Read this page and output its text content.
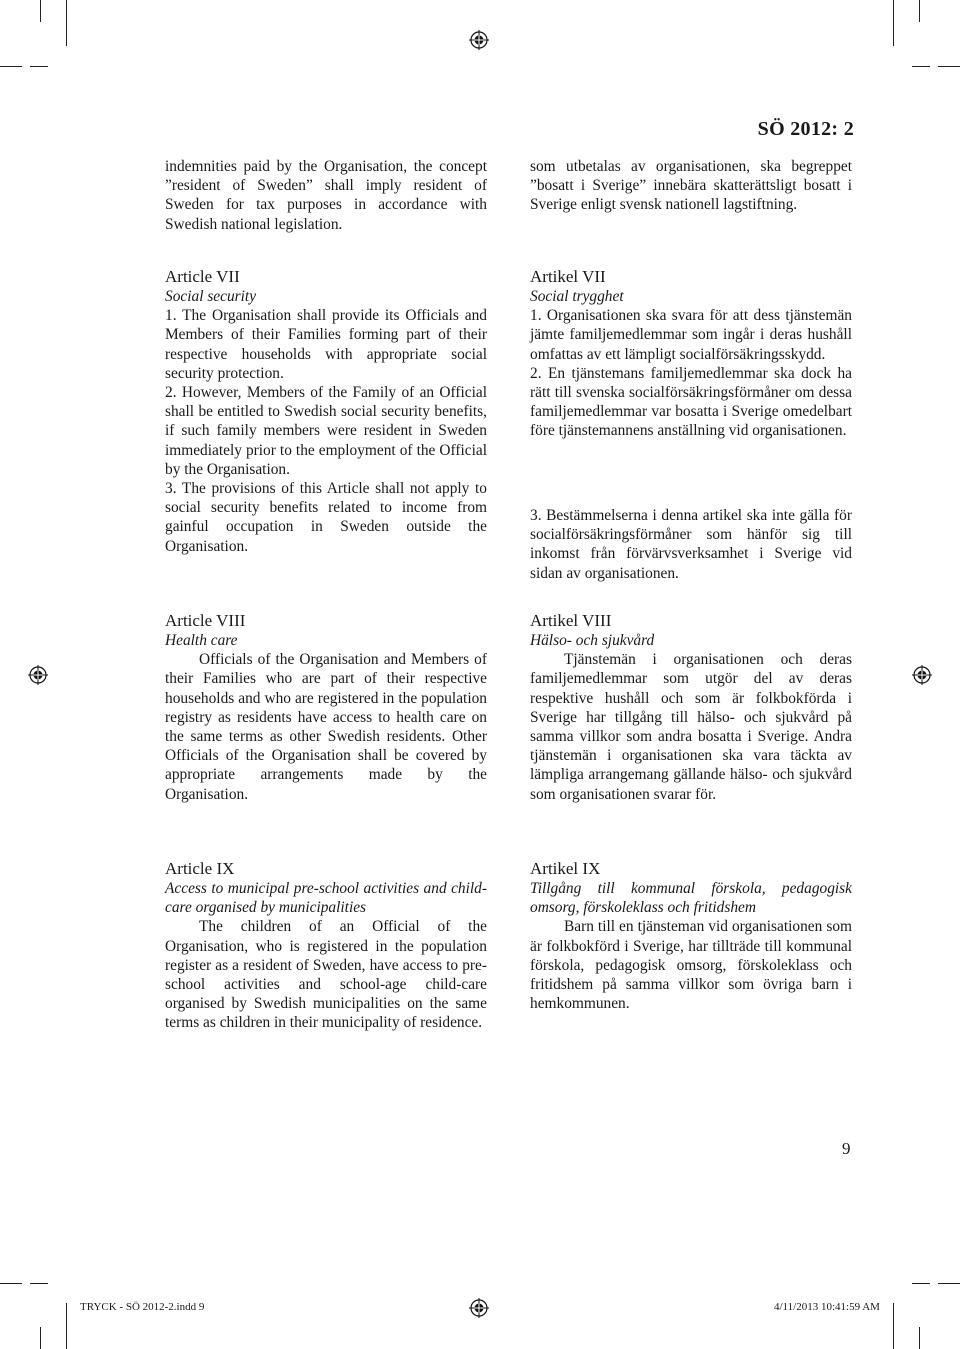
SÖ 2012: 2

indemnities paid by the Organisation, the concept ”resident of Sweden” shall imply resident of Sweden for tax purposes in accordance with Swedish national legislation.

Article VII

Social security

1. The Organisation shall provide its Officials and Members of their Families forming part of their respective households with appropriate social security protection.

2. However, Members of the Family of an Official shall be entitled to Swedish social security benefits, if such family members were resident in Sweden immediately prior to the employment of the Official by the Organisation.

3. The provisions of this Article shall not apply to social security benefits related to income from gainful occupation in Sweden outside the Organisation.

Article VIII

Health care

Officials of the Organisation and Members of their Families who are part of their respective households and who are registered in the population registry as residents have access to health care on the same terms as other Swedish residents. Other Officials of the Organisation shall be covered by appropriate arrangements made by the Organisation.

Article IX

Access to municipal pre-school activities and child-care organised by municipalities

The children of an Official of the Organisation, who is registered in the population register as a resident of Sweden, have access to pre-school activities and school-age child-care organised by Swedish municipalities on the same terms as children in their municipality of residence.

som utbetalas av organisationen, ska begreppet ”bosatt i Sverige” innebära skatterättsligt bosatt i Sverige enligt svensk nationell lagstiftning.

Artikel VII

Social trygghet

1. Organisationen ska svara för att dess tjänstemän jämte familjemedlemmar som ingår i deras hushåll omfattas av ett lämpligt socialförsäkringsskydd.

2. En tjänstemans familjemedlemmar ska dock ha rätt till svenska socialförsäkringsförmåner om dessa familjemedlemmar var bosatta i Sverige omedelbart före tjänstemannens anställning vid organisationen.

3. Bestämmelserna i denna artikel ska inte gälla för socialförsäkringsförmåner som hänför sig till inkomst från förvärvsverksamhet i Sverige vid sidan av organisationen.

Artikel VIII

Hälso- och sjukvård

Tjänstemän i organisationen och deras familjemedlemmar som utgör del av deras respektive hushåll och som är folkbokförda i Sverige har tillgång till hälso- och sjukvård på samma villkor som andra bosatta i Sverige. Andra tjänstemän i organisationen ska vara täckta av lämpliga arrangemang gällande hälso- och sjukvård som organisationen svarar för.

Artikel IX

Tillgång till kommunal förskola, pedagogisk omsorg, förskoleklass och fritidshem

Barn till en tjänsteman vid organisationen som är folkbokförd i Sverige, har tillträde till kommunal förskola, pedagogisk omsorg, förskoleklass och fritidshem på samma villkor som övriga barn i hemkommunen.

9
TRYCK - SÖ 2012-2.indd 9	4/11/2013 10:41:59 AM
